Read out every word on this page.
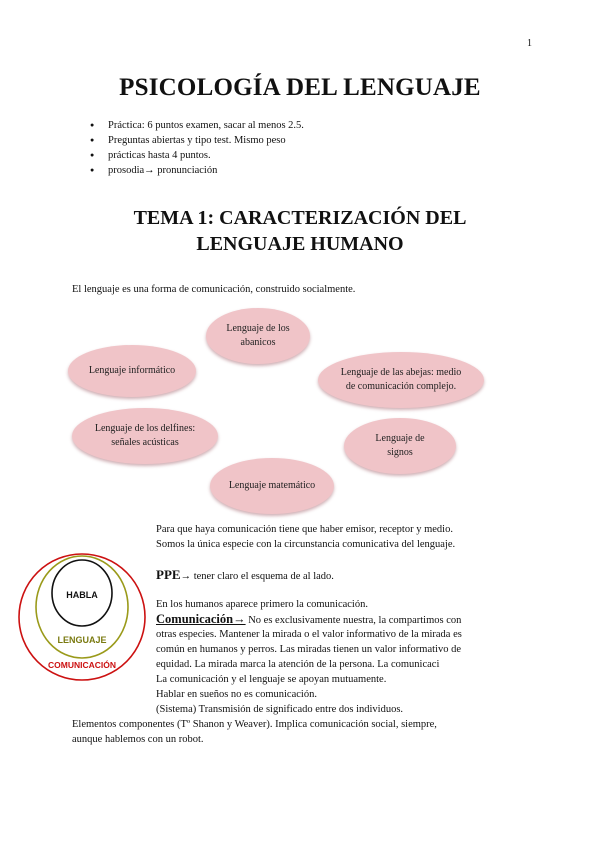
1
PSICOLOGÍA DEL LENGUAJE
● Práctica: 6 puntos examen, sacar al menos 2.5.
● Preguntas abiertas y tipo test. Mismo peso
● prácticas hasta 4 puntos.
● prosodia→ pronunciación
TEMA 1: CARACTERIZACIÓN DEL
LENGUAJE HUMANO
El lenguaje es una forma de comunicación, construido socialmente.
Lenguaje de los
abanicos
Lenguaje informático	Lenguaje de las abejas: medio
de comunicación complejo.
Lenguaje de los delfines:
señales acústicas	Lenguaje de
signos
Lenguaje matemático
Para que haya comunicación tiene que haber emisor, receptor y medio.
Somos la única especie con la circunstancia comunicativa del lenguaje.
PPE→ tener claro el esquema de al lado.
En los humanos aparece primero la comunicación.
Comunicación→ No es exclusivamente nuestra, la compartimos con
otras especies. Mantener la mirada o el valor informativo de la mirada es
común en humanos y perros. Las miradas tienen un valor informativo de
equidad. La mirada marca la atención de la persona. La comunicaci
La comunicación y el lenguaje se apoyan mutuamente.
Hablar en sueños no es comunicación.
(Sistema) Transmisión de significado entre dos individuos.
Elementos componentes (Tº Shanon y Weaver). Implica comunicación social, siempre,
aunque hablemos con un robot.
HABLA
LENGUAJE
COMUNICACIÓN
